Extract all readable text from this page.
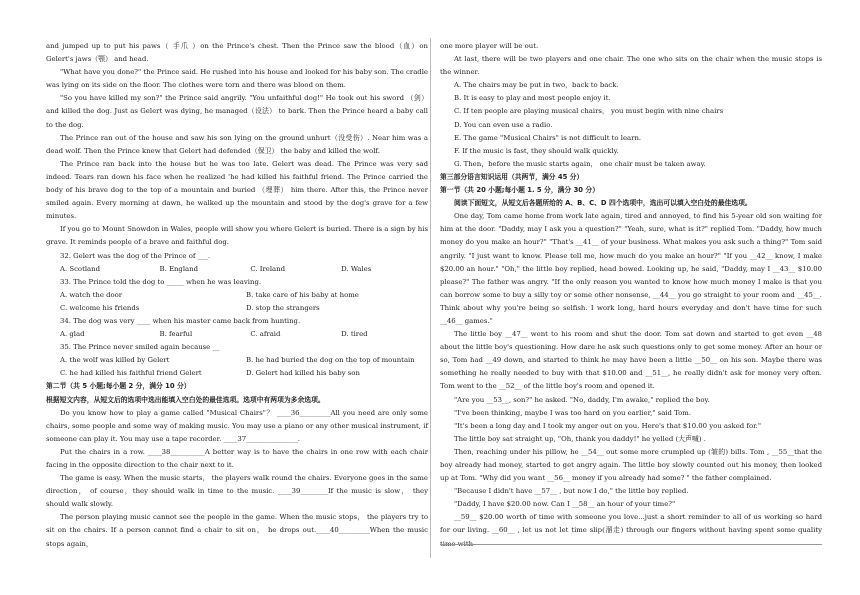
and jumped up to put his paws（ 手爪 ）on the Prince's chest. Then the Prince saw the blood（血）on Gelert's jaws（颚） and head.

"What have you done?" the Prince said. He rushed into his house and looked for his baby son. The cradle was lying on its side on the floor. The clothes were torn and there was blood on them.

"So you have killed my son?" the Prince said angrily. "You unfaithful dog!" He took out his sword （剑） and killed the dog. Just as Gelert was dying, he managed（设法） to bark. Then the Prince heard a baby call to the dog.

The Prince ran out of the house and saw his son lying on the ground unhurt（没受伤）. Near him was a dead wolf. Then the Prince knew that Gelert had defended（保卫） the baby and killed the wolf.

The Prince ran back into the house but he was too late. Gelert was dead. The Prince was very sad indeed. Tears ran down his face when he realized 'he had killed his faithful friend. The Prince carried the body of his brave dog to the top of a mountain and buried （埋葬） him there. After this, the Prince never smiled again. Every morning at dawn, he walked up the mountain and stood by the dog's grave for a few minutes.

If you go to Mount Snowdon in Wales, people will show you where Gelert is buried. There is a sign by his grave. It reminds people of a brave and faithful dog.

32. Gelert was the dog of the Prince of ___.

A. Scotland	B. England	C. Ireland	D. Wales

33. The Prince told the dog to _____ when he was leaving.

A. watch the door	B. take care of his baby at home
C. welcome his friends	D. stop the strangers

34. The dog was very ____ when his master came back from hunting.

A. glad	B. fearful	C. afraid	D. tired

35. The Prince never smiled again because __

A. the wolf was killed by Gelert	B. he had buried the dog on the top of mountain
C. he had killed his faithful friend Gelert	D. Gelert had killed his baby son

第二节（共 5 小题;每小题 2 分，满分 10 分）

根据短文内容，从短文后的选项中选出能填入空白处的最佳选项。选项中有两项为多余选项。

Do you know how to play a game called "Musical Chairs"？ ____36_________All you need are only some chairs, some people and some way of making music. You may use a piano or any other musical instrument, if someone can play it. You may use a tape recorder. ____37_______________.

Put the chairs in a row. ____38__________A better way is to have the chairs in one row with each chair facing in the opposite direction to the chair next to it.

The game is easy. When the music starts， the players walk round the chairs. Everyone goes in the same direction， of course，they should walk in time to the music. ____39________If the music is slow， they should walk slowly.

The person playing music cannot see the people in the game. When the music stops， the players try to sit on the chairs. If a person cannot find a chair to sit on， he drops out.____40_________When the music stops again，

one more player will be out.

At last, there will be two players and one chair. The one who sits on the chair when the music stops is the winner.

A. The chairs may be put in two，back to back.

B. It is easy to play and most people enjoy it.

C. If ten people are playing musical chairs， you must begin with nine chairs

D. You can even use a radio.

E. The game "Musical Chairs" is not difficult to learn.

F. If the music is fast, they should walk quickly.

G. Then，before the music starts again， one chair must be taken away.

第三部分语言知识运用（共两节，满分 45 分）

第一节（共 20 小题;每小题 1. 5 分，满分 30 分）

阅读下面短文，从短文后各题所给的 A、B、C、D 四个选项中，选出可以填入空白处的最佳选项。

One day, Tom came home from work late again, tired and annoyed, to find his 5-year old son waiting for him at the door. "Daddy, may I ask you a question?" "Yeah, sure, what is it?" replied Tom. "Daddy, how much money do you make an hour?" "That's __41__ of your business. What makes you ask such a thing?" Tom said angrily. "I just want to know. Please tell me, how much do you make an hour?" "If you __42__ know, I make $20.00 an hour." "Oh," the little boy replied, head bowed. Looking up, he said, "Daddy, may I __43__ $10.00 please?" The father was angry. "If the only reason you wanted to know how much money I make is that you can borrow some to buy a silly toy or some other nonsense, __44__ you go straight to your room and __45__. Think about why you're being so selfish. I work long, hard hours everyday and don't have time for such __46__ games."

The little boy __47__ went to his room and shut the door. Tom sat down and started to get even __48 about the little boy's questioning. How dare he ask such questions only to get some money. After an hour or so, Tom had __49 down, and started to think he may have been a little __50__ on his son. Maybe there was something he really needed to buy with that $10.00 and __51__, he really didn't ask for money very often. Tom went to the __52__ of the little boy's room and opened it.

"Are you __53__, son?" he asked. "No, daddy, I'm awake," replied the boy.

"I've been thinking, maybe I was too hard on you earlier," said Tom.

"It's been a long day and I took my anger out on you. Here's that $10.00 you asked for."

The little boy sat straight up, "Oh, thank you daddy!" he yelled (大声喊) .

Then, reaching under his pillow, he __54__ out some more crumpled up (皱的) bills. Tom , __55__that the boy already had money, started to get angry again. The little boy slowly counted out his money, then looked up at Tom. "Why did you want __56__ money if you already had some? " the father complained.

"Because I didn't have __57__ , but now I do," the little boy replied.

"Daddy, I have $20.00 now. Can I __58__ an hour of your time?"

__59__ $20.00 worth of time with someone you love...just a short reminder to all of us working so hard for our living. __60__ , let us not let time slip(溜走) through our fingers without having spent some quality time with
